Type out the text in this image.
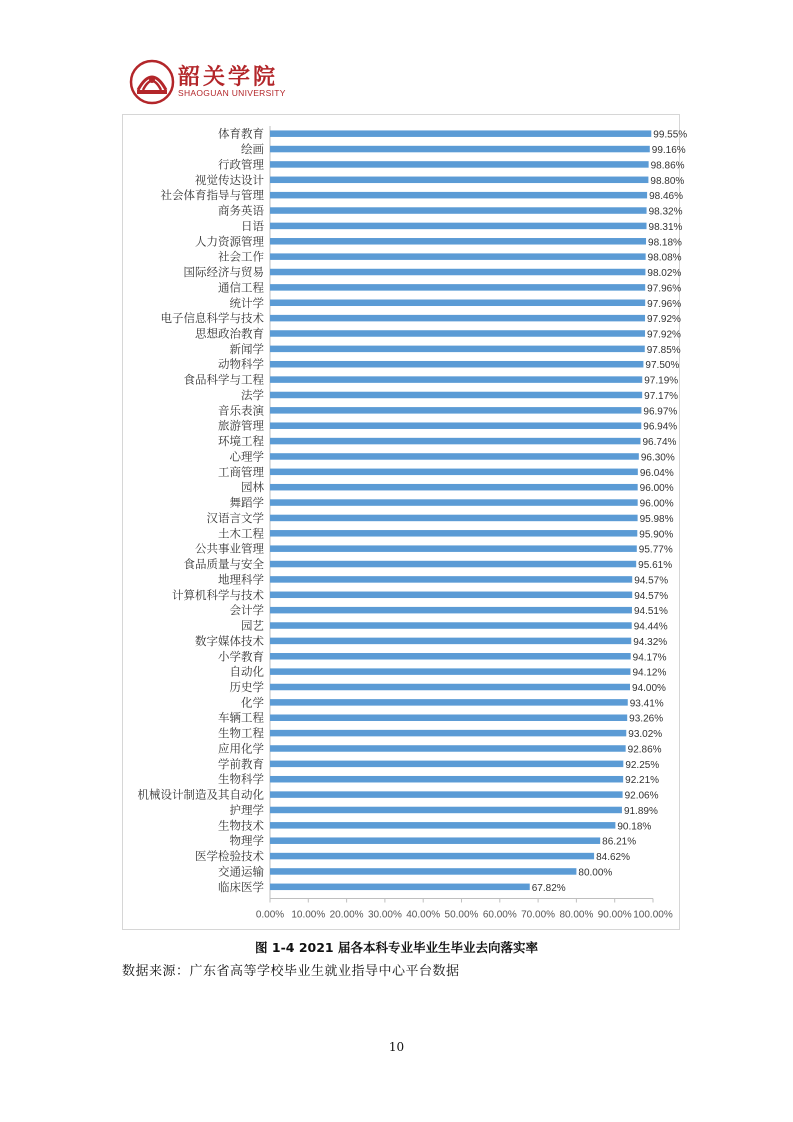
韶关学院
SHAOGUAN UNIVERSITY
体育教育	99.55%
绘画	99.16%
行政管理	98.86%
视觉传达设计	98.80%
社会体育指导与管理	98.46%
商务英语	98.32%
日语	98.31%
人力资源管理	98.18%
社会工作	98.08%
国际经济与贸易	98.02%
通信工程	97.96%
统计学	97.96%
电子信息科学与技术	97.92%
思想政治教育	97.92%
新闻学	97.85%
动物科学	97.50%
食品科学与工程	97.19%
法学	97.17%
音乐表演	96.97%
旅游管理	96.94%
环境工程	96.74%
心理学	96.30%
工商管理	96.04%
园林	96.00%
舞蹈学	96.00%
汉语言文学	95.98%
土木工程	95.90%
公共事业管理	95.77%
食品质量与安全	95.61%
地理科学	94.57%
计算机科学与技术	94.57%
会计学	94.51%
园艺	94.44%
数字媒体技术	94.32%
小学教育	94.17%
自动化	94.12%
历史学	94.00%
化学	93.41%
车辆工程	93.26%
生物工程	93.02%
应用化学	92.86%
学前教育	92.25%
生物科学	92.21%
机械设计制造及其自动化	92.06%
护理学	91.89%
生物技术	90.18%
物理学	86.21%
医学检验技术	84.62%
交通运输	80.00%
临床医学	67.82%
0.00% 10.00% 20.00% 30.00% 40.00% 50.00% 60.00% 70.00% 80.00% 90.00% 100.00%
图 1-4 2021 届各本科专业毕业生毕业去向落实率
数据来源：广东省高等学校毕业生就业指导中心平台数据
10
